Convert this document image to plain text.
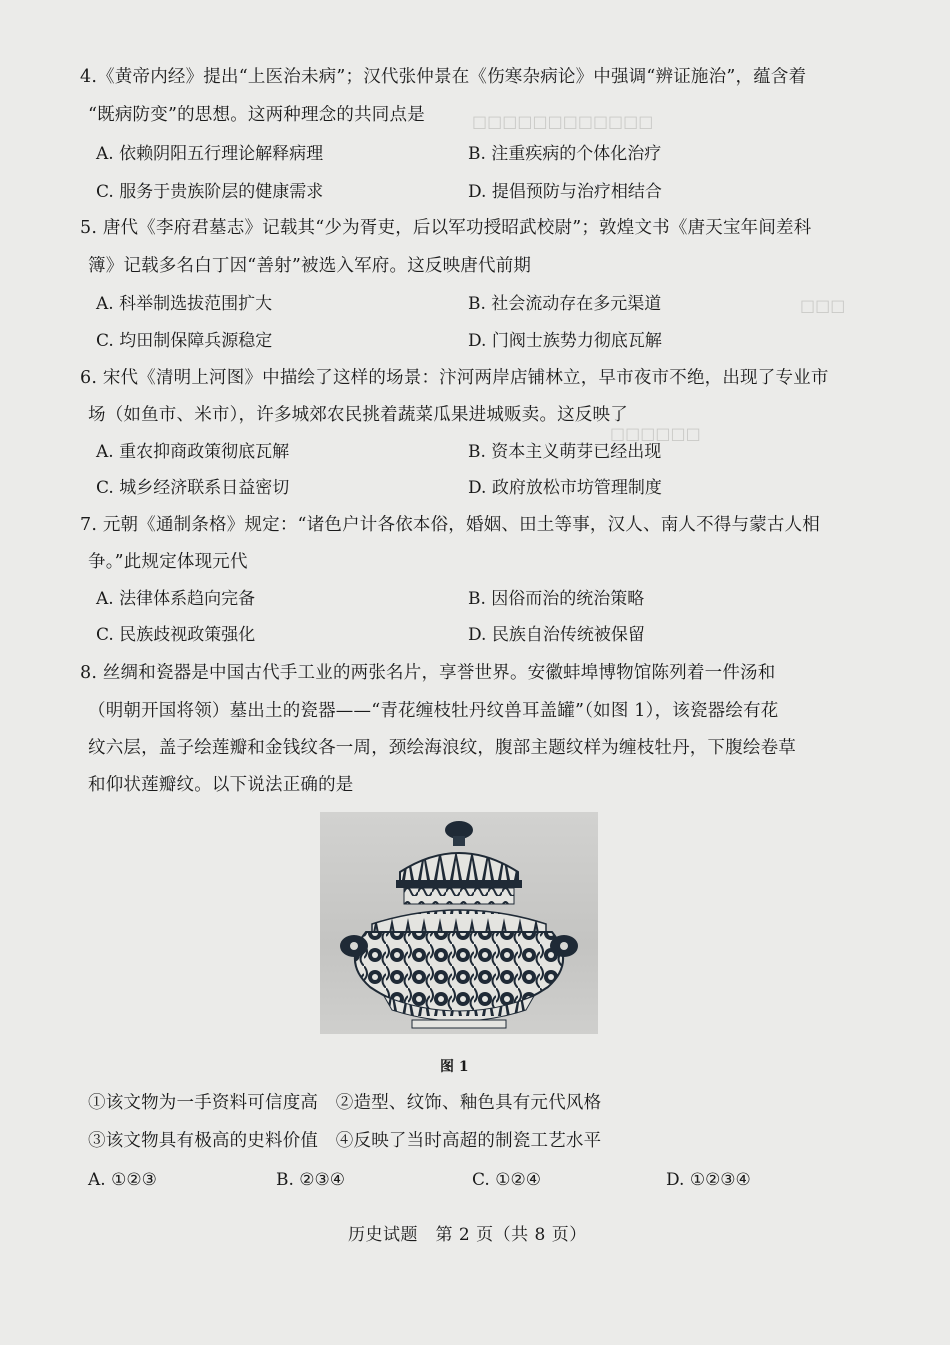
□□□□□□□□□□□□
□□□
□□□□□□
4.《黄帝内经》提出“上医治未病”；汉代张仲景在《伤寒杂病论》中强调“辨证施治”，蕴含着
“既病防变”的思想。这两种理念的共同点是
A. 依赖阴阳五行理论解释病理	B. 注重疾病的个体化治疗
C. 服务于贵族阶层的健康需求	D. 提倡预防与治疗相结合
5. 唐代《李府君墓志》记载其“少为胥吏，后以军功授昭武校尉”；敦煌文书《唐天宝年间差科
簿》记载多名白丁因“善射”被选入军府。这反映唐代前期
A. 科举制选拔范围扩大	B. 社会流动存在多元渠道
C. 均田制保障兵源稳定	D. 门阀士族势力彻底瓦解
6. 宋代《清明上河图》中描绘了这样的场景：汴河两岸店铺林立，早市夜市不绝，出现了专业市
场（如鱼市、米市），许多城郊农民挑着蔬菜瓜果进城贩卖。这反映了
A. 重农抑商政策彻底瓦解	B. 资本主义萌芽已经出现
C. 城乡经济联系日益密切	D. 政府放松市坊管理制度
7. 元朝《通制条格》规定：“诸色户计各依本俗，婚姻、田土等事，汉人、南人不得与蒙古人相
争。”此规定体现元代
A. 法律体系趋向完备	B. 因俗而治的统治策略
C. 民族歧视政策强化	D. 民族自治传统被保留
8. 丝绸和瓷器是中国古代手工业的两张名片，享誉世界。安徽蚌埠博物馆陈列着一件汤和
（明朝开国将领）墓出土的瓷器——“青花缠枝牡丹纹兽耳盖罐”（如图 1），该瓷器绘有花
纹六层，盖子绘莲瓣和金钱纹各一周，颈绘海浪纹，腹部主题纹样为缠枝牡丹，下腹绘卷草
和仰状莲瓣纹。以下说法正确的是
图 1
①该文物为一手资料可信度高　②造型、纹饰、釉色具有元代风格
③该文物具有极高的史料价值　④反映了当时高超的制瓷工艺水平
A. ①②③	B. ②③④	C. ①②④	D. ①②③④
历史试题　第 2 页（共 8 页）
